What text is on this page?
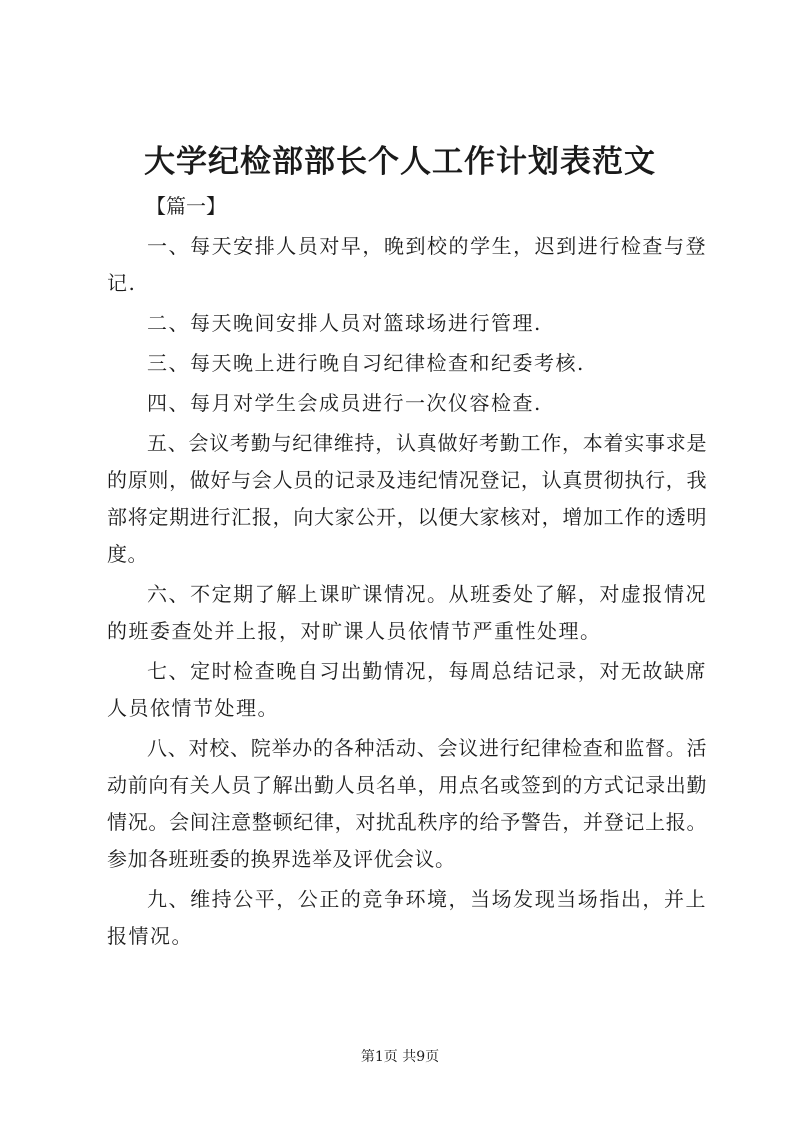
大学纪检部部长个人工作计划表范文

【篇一】

一、每天安排人员对早，晚到校的学生，迟到进行检查与登记.

二、每天晚间安排人员对篮球场进行管理.

三、每天晚上进行晚自习纪律检查和纪委考核.

四、每月对学生会成员进行一次仪容检查.

五、会议考勤与纪律维持，认真做好考勤工作，本着实事求是的原则，做好与会人员的记录及违纪情况登记，认真贯彻执行，我部将定期进行汇报，向大家公开，以便大家核对，增加工作的透明度。

六、不定期了解上课旷课情况。从班委处了解，对虚报情况的班委查处并上报，对旷课人员依情节严重性处理。

七、定时检查晚自习出勤情况，每周总结记录，对无故缺席人员依情节处理。

八、对校、院举办的各种活动、会议进行纪律检查和监督。活动前向有关人员了解出勤人员名单，用点名或签到的方式记录出勤情况。会间注意整顿纪律，对扰乱秩序的给予警告，并登记上报。参加各班班委的换界选举及评优会议。

九、维持公平，公正的竞争环境，当场发现当场指出，并上报情况。

第1页 共9页
